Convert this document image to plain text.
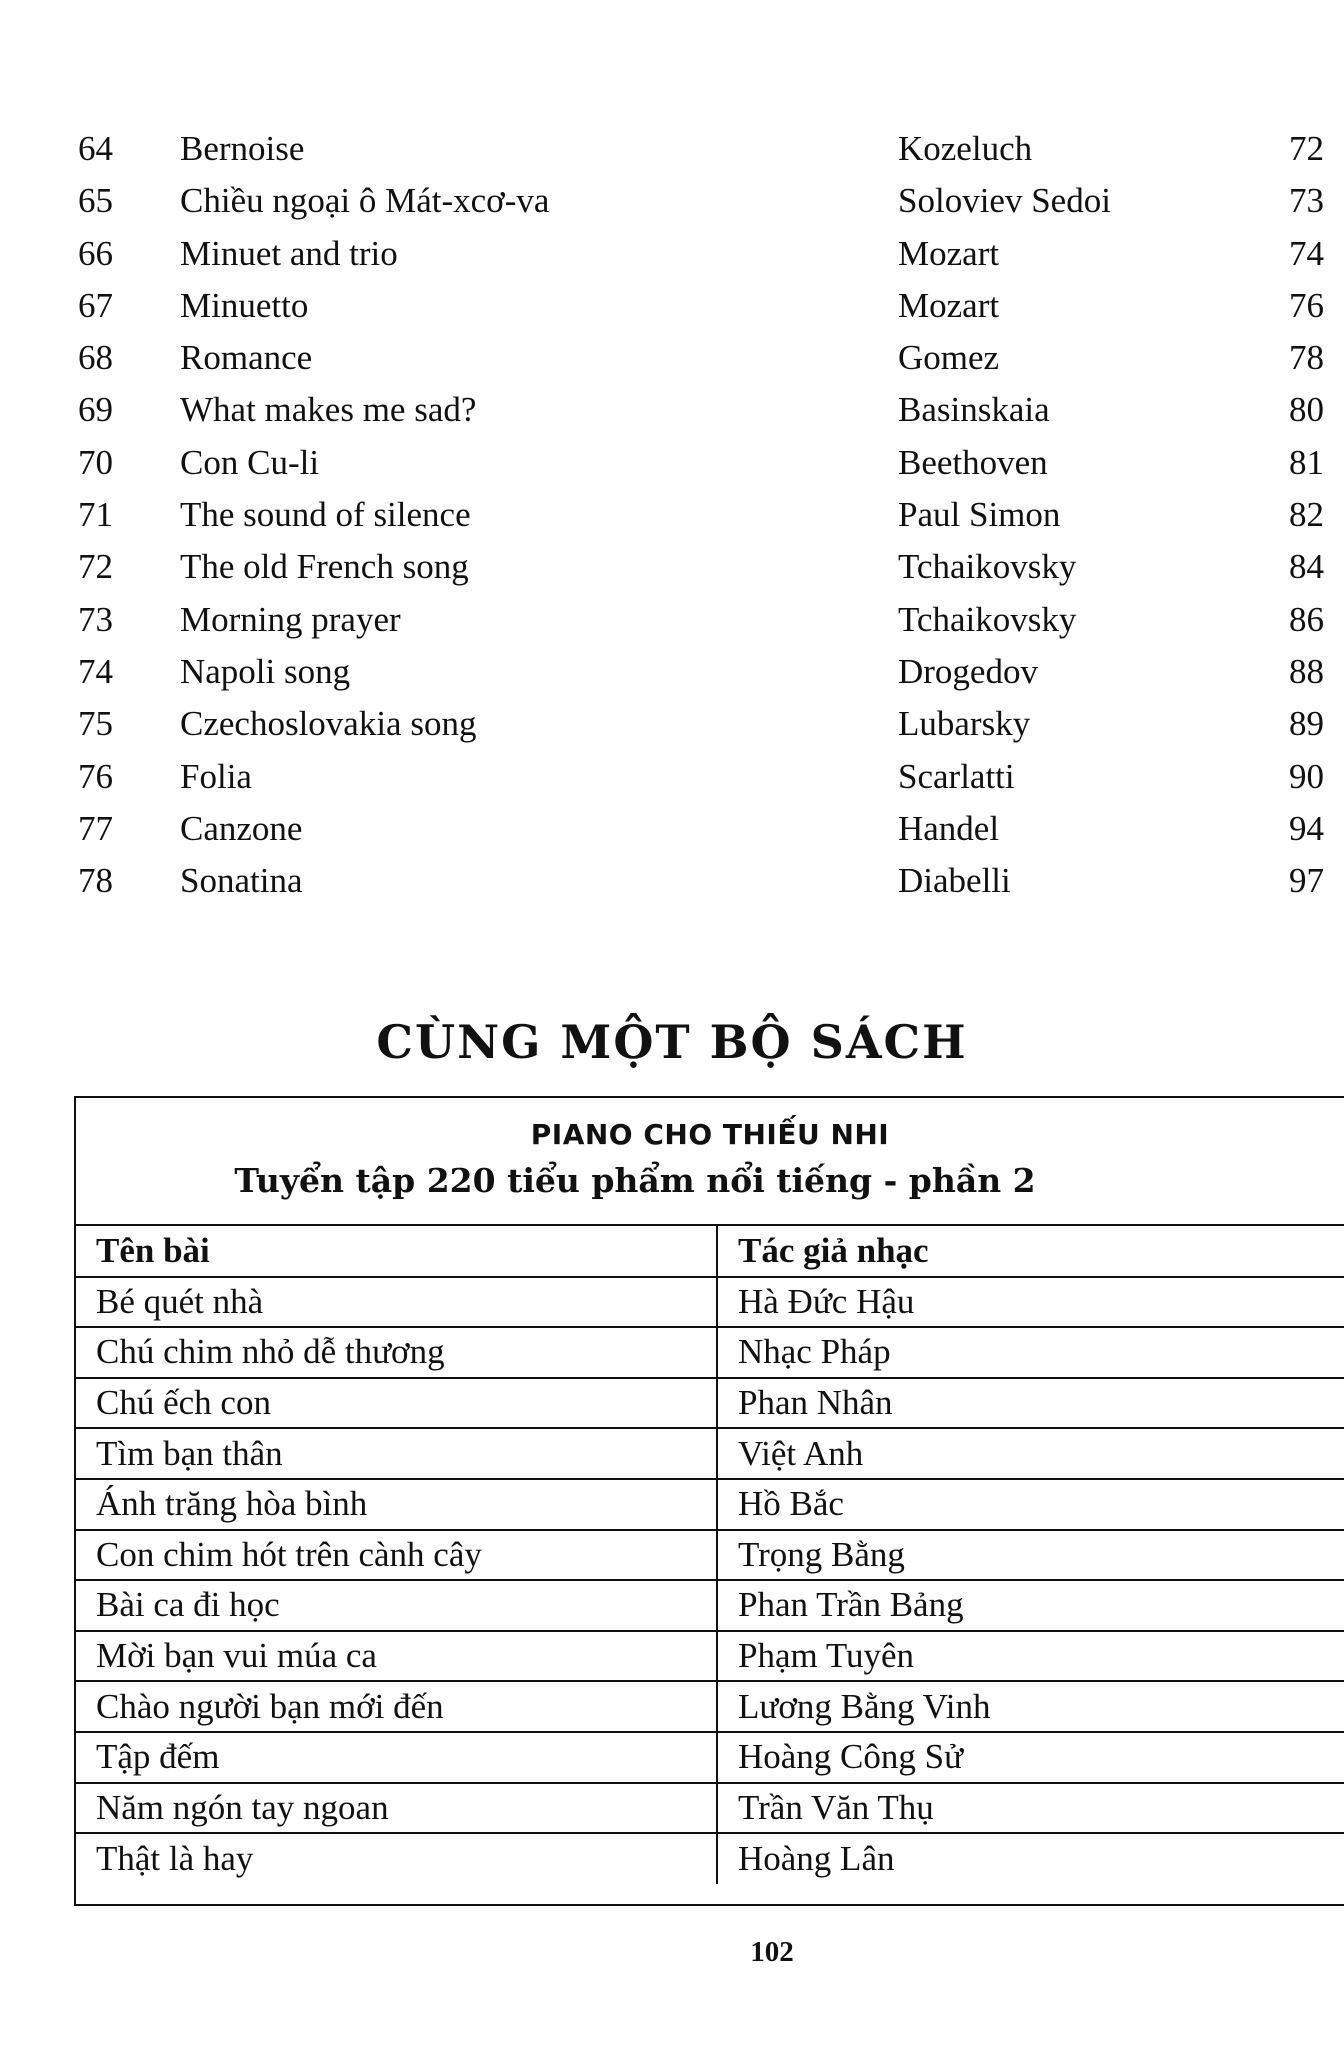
64 Bernoise	Kozeluch	72
65 Chiều ngoại ô Mát-xcơ-va	Soloviev Sedoi	73
66 Minuet and trio	Mozart	74
67 Minuetto	Mozart	76
68 Romance	Gomez	78
69 What makes me sad?	Basinskaia	80
70 Con Cu-li	Beethoven	81
71 The sound of silence	Paul Simon	82
72 The old French song	Tchaikovsky	84
73 Morning prayer	Tchaikovsky	86
74 Napoli song	Drogedov	88
75 Czechoslovakia song	Lubarsky	89
76 Folia	Scarlatti	90
77 Canzone	Handel	94
78 Sonatina	Diabelli	97
CÙNG MỘT BỘ SÁCH
PIANO CHO THIẾU NHI
Tuyển tập 220 tiểu phẩm nổi tiếng - phần 2
Tên bài	Tác giả nhạc
Bé quét nhà	Hà Đức Hậu
Chú chim nhỏ dễ thương	Nhạc Pháp
Chú ếch con	Phan Nhân
Tìm bạn thân	Việt Anh
Ánh trăng hòa bình	Hồ Bắc
Con chim hót trên cành cây	Trọng Bằng
Bài ca đi học	Phan Trần Bảng
Mời bạn vui múa ca	Phạm Tuyên
Chào người bạn mới đến	Lương Bằng Vinh
Tập đếm	Hoàng Công Sử
Năm ngón tay ngoan	Trần Văn Thụ
Thật là hay	Hoàng Lân
102
